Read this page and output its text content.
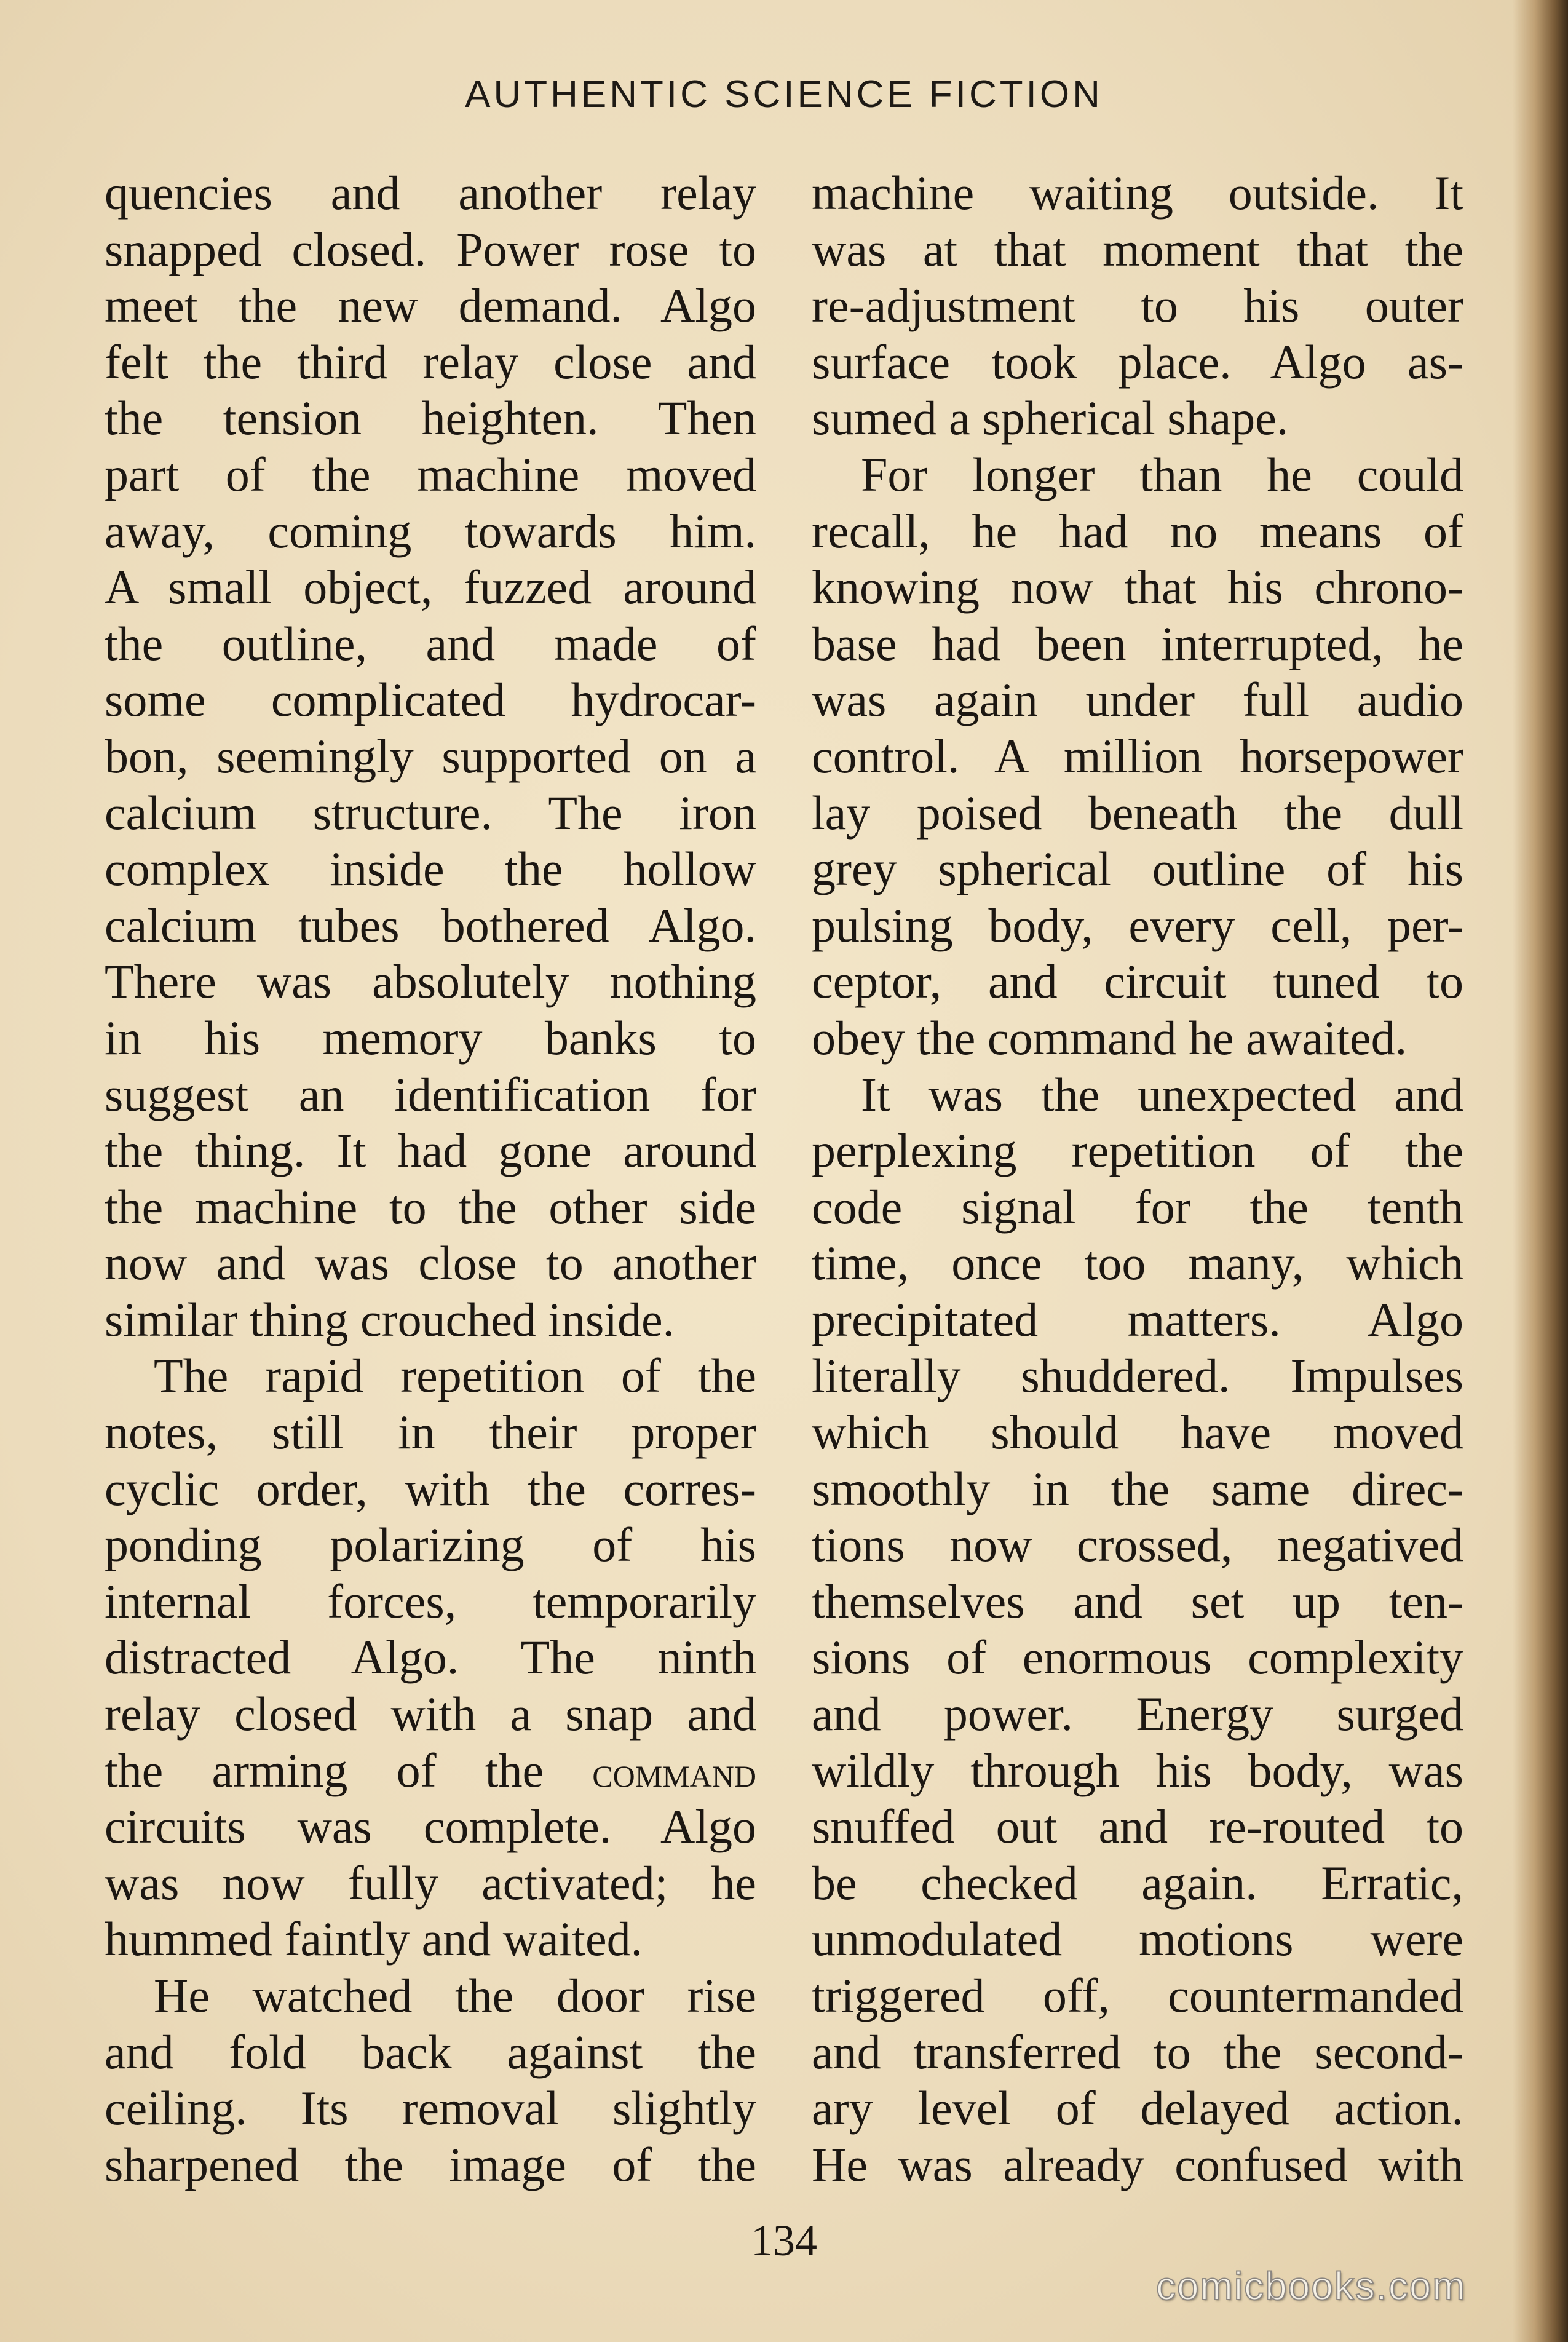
AUTHENTIC SCIENCE FICTION
quencies and another relay
snapped closed. Power rose to
meet the new demand. Algo
felt the third relay close and
the tension heighten. Then
part of the machine moved
away, coming towards him.
A small object, fuzzed around
the outline, and made of
some complicated hydrocar-
bon, seemingly supported on a
calcium structure. The iron
complex inside the hollow
calcium tubes bothered Algo.
There was absolutely nothing
in his memory banks to
suggest an identification for
the thing. It had gone around
the machine to the other side
now and was close to another
similar thing crouched inside.
The rapid repetition of the
notes, still in their proper
cyclic order, with the corres-
ponding polarizing of his
internal forces, temporarily
distracted Algo. The ninth
relay closed with a snap and
the arming of the command
circuits was complete. Algo
was now fully activated; he
hummed faintly and waited.
He watched the door rise
and fold back against the
ceiling. Its removal slightly
sharpened the image of the
machine waiting outside. It
was at that moment that the
re-adjustment to his outer
surface took place. Algo as-
sumed a spherical shape.
For longer than he could
recall, he had no means of
knowing now that his chrono-
base had been interrupted, he
was again under full audio
control. A million horsepower
lay poised beneath the dull
grey spherical outline of his
pulsing body, every cell, per-
ceptor, and circuit tuned to
obey the command he awaited.
It was the unexpected and
perplexing repetition of the
code signal for the tenth
time, once too many, which
precipitated matters. Algo
literally shuddered. Impulses
which should have moved
smoothly in the same direc-
tions now crossed, negatived
themselves and set up ten-
sions of enormous complexity
and power. Energy surged
wildly through his body, was
snuffed out and re-routed to
be checked again. Erratic,
unmodulated motions were
triggered off, countermanded
and transferred to the second-
ary level of delayed action.
He was already confused with
134
comicbooks.com
